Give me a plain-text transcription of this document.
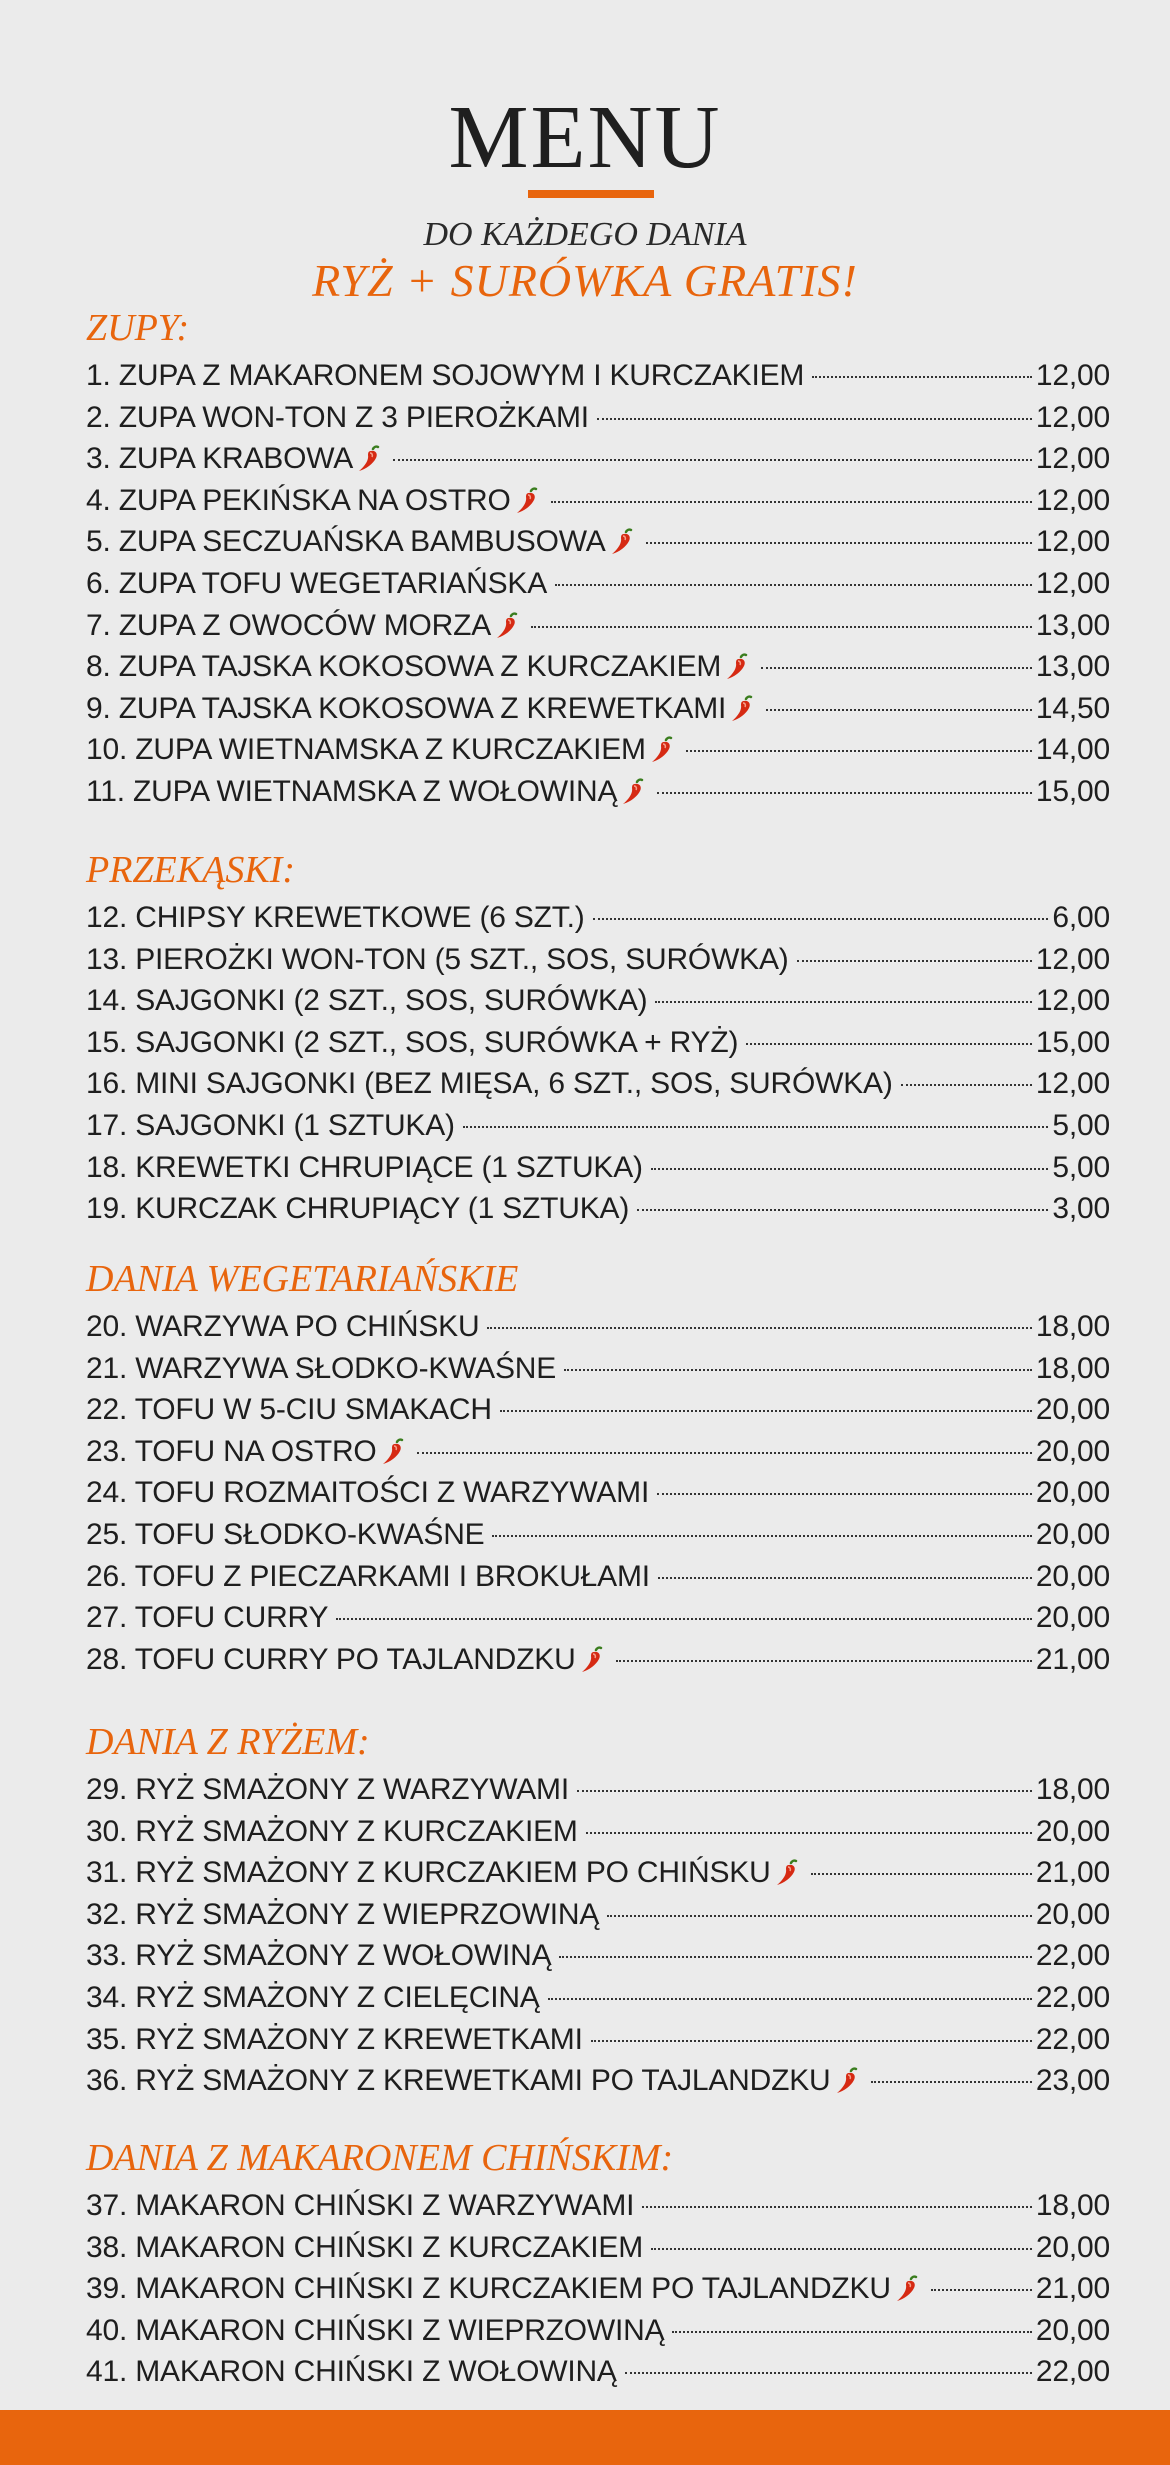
MENU
DO KAŻDEGO DANIA
RYŻ + SURÓWKA GRATIS!
ZUPY:
1. ZUPA Z MAKARONEM SOJOWYM I KURCZAKIEM	12,00
2. ZUPA WON-TON Z 3 PIEROŻKAMI	12,00
3. ZUPA KRABOWA	12,00
4. ZUPA PEKIŃSKA NA OSTRO	12,00
5. ZUPA SECZUAŃSKA BAMBUSOWA	12,00
6. ZUPA TOFU WEGETARIAŃSKA	12,00
7. ZUPA Z OWOCÓW MORZA	13,00
8. ZUPA TAJSKA KOKOSOWA Z KURCZAKIEM	13,00
9. ZUPA TAJSKA KOKOSOWA Z KREWETKAMI	14,50
10. ZUPA WIETNAMSKA Z KURCZAKIEM	14,00
11. ZUPA WIETNAMSKA Z WOŁOWINĄ	15,00
PRZEKĄSKI:
12. CHIPSY KREWETKOWE (6 SZT.)	6,00
13. PIEROŻKI WON-TON (5 SZT., SOS, SURÓWKA)	12,00
14. SAJGONKI (2 SZT., SOS, SURÓWKA)	12,00
15. SAJGONKI (2 SZT., SOS, SURÓWKA + RYŻ)	15,00
16. MINI SAJGONKI (BEZ MIĘSA, 6 SZT., SOS, SURÓWKA)	12,00
17. SAJGONKI (1 SZTUKA)	5,00
18. KREWETKI CHRUPIĄCE (1 SZTUKA)	5,00
19. KURCZAK CHRUPIĄCY (1 SZTUKA)	3,00
DANIA WEGETARIAŃSKIE
20. WARZYWA PO CHIŃSKU	18,00
21. WARZYWA SŁODKO-KWAŚNE	18,00
22. TOFU W 5-CIU SMAKACH	20,00
23. TOFU NA OSTRO	20,00
24. TOFU ROZMAITOŚCI Z WARZYWAMI	20,00
25. TOFU SŁODKO-KWAŚNE	20,00
26. TOFU Z PIECZARKAMI I BROKUŁAMI	20,00
27. TOFU CURRY	20,00
28. TOFU CURRY PO TAJLANDZKU	21,00
DANIA Z RYŻEM:
29. RYŻ SMAŻONY Z WARZYWAMI	18,00
30. RYŻ SMAŻONY Z KURCZAKIEM	20,00
31. RYŻ SMAŻONY Z KURCZAKIEM PO CHIŃSKU	21,00
32. RYŻ SMAŻONY Z WIEPRZOWINĄ	20,00
33. RYŻ SMAŻONY Z WOŁOWINĄ	22,00
34. RYŻ SMAŻONY Z CIELĘCINĄ	22,00
35. RYŻ SMAŻONY Z KREWETKAMI	22,00
36. RYŻ SMAŻONY Z KREWETKAMI PO TAJLANDZKU	23,00
DANIA Z MAKARONEM CHIŃSKIM:
37. MAKARON CHIŃSKI Z WARZYWAMI	18,00
38. MAKARON CHIŃSKI Z KURCZAKIEM	20,00
39. MAKARON CHIŃSKI Z KURCZAKIEM PO TAJLANDZKU	21,00
40. MAKARON CHIŃSKI Z WIEPRZOWINĄ	20,00
41. MAKARON CHIŃSKI Z WOŁOWINĄ	22,00
